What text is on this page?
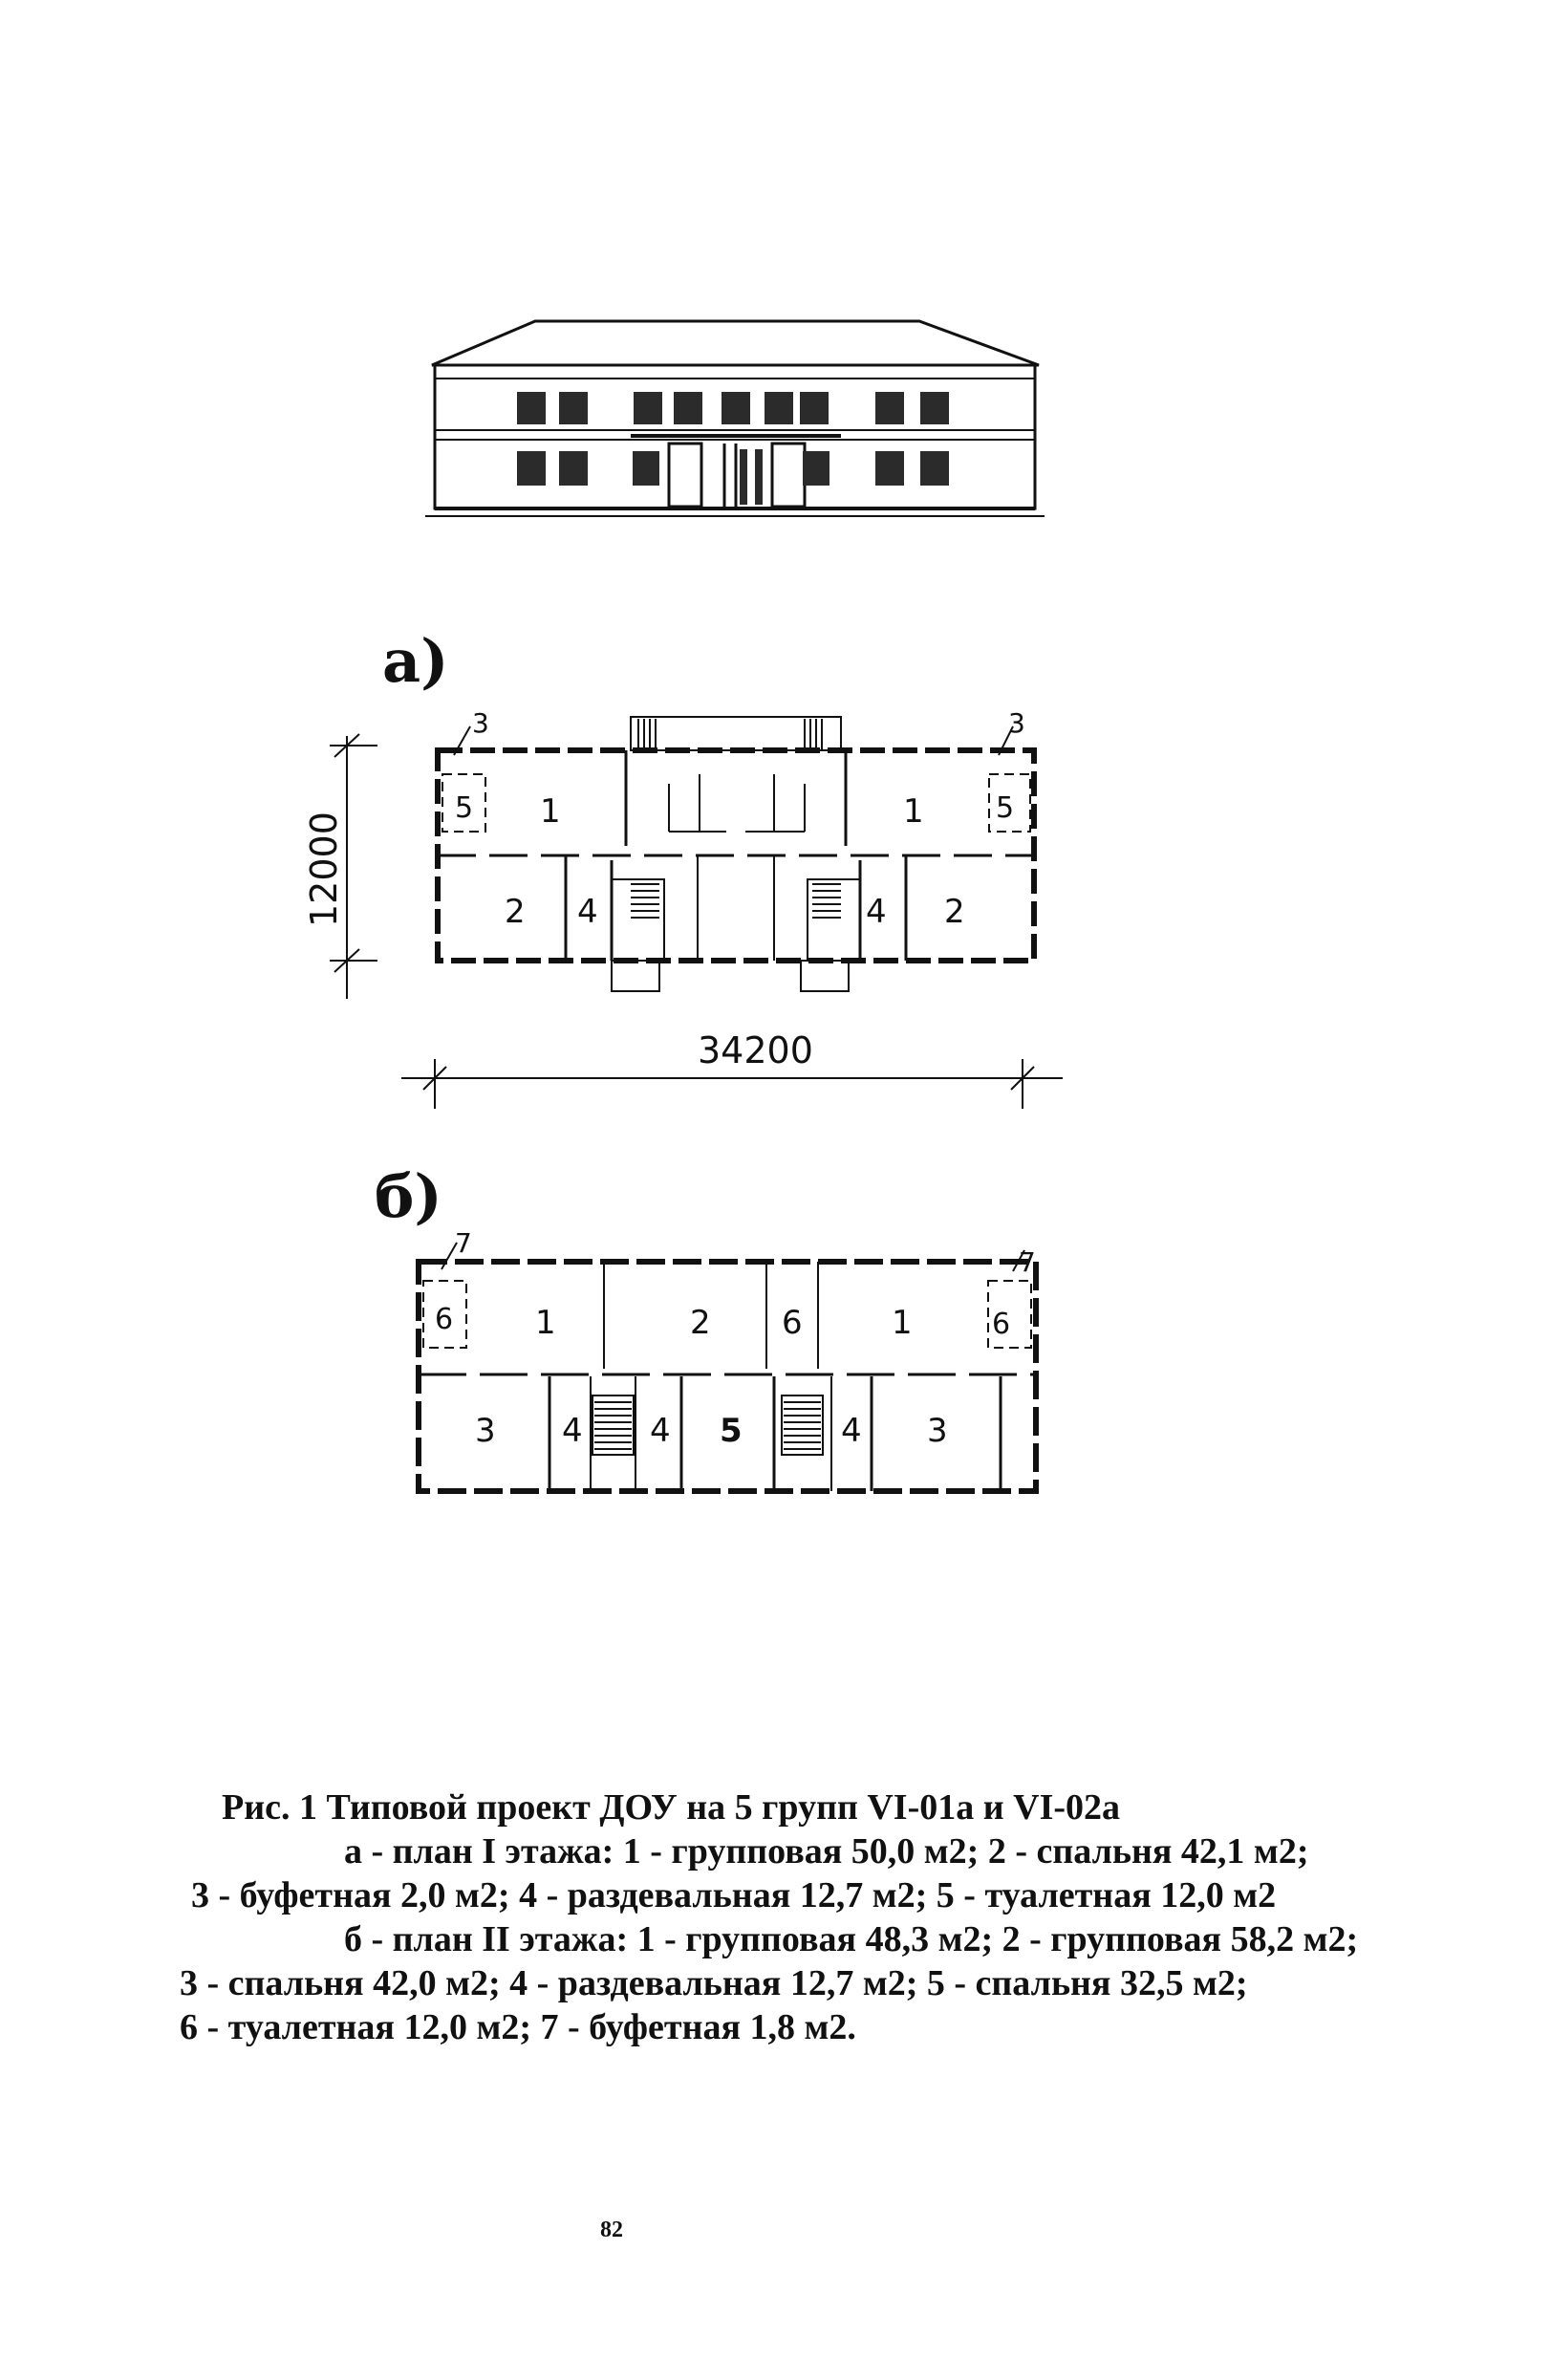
а)
1	1
2	2
3	3
4	4
5	5
12000
34200
б)
1	2	1
3 4 4 5	4 3
6	6	6
7
7
Рис. 1 Типовой проект ДОУ на 5 групп VI-01а и VI-02а
а - план I этажа: 1 - групповая 50,0 м2; 2 - спальня 42,1 м2;
3 - буфетная 2,0 м2; 4 - раздевальная 12,7 м2; 5 - туалетная 12,0 м2
б - план II этажа: 1 - групповая 48,3 м2; 2 - групповая 58,2 м2;
3 - спальня 42,0 м2; 4 - раздевальная 12,7 м2; 5 - спальня 32,5 м2;
6 - туалетная 12,0 м2; 7 - буфетная 1,8 м2.
82
